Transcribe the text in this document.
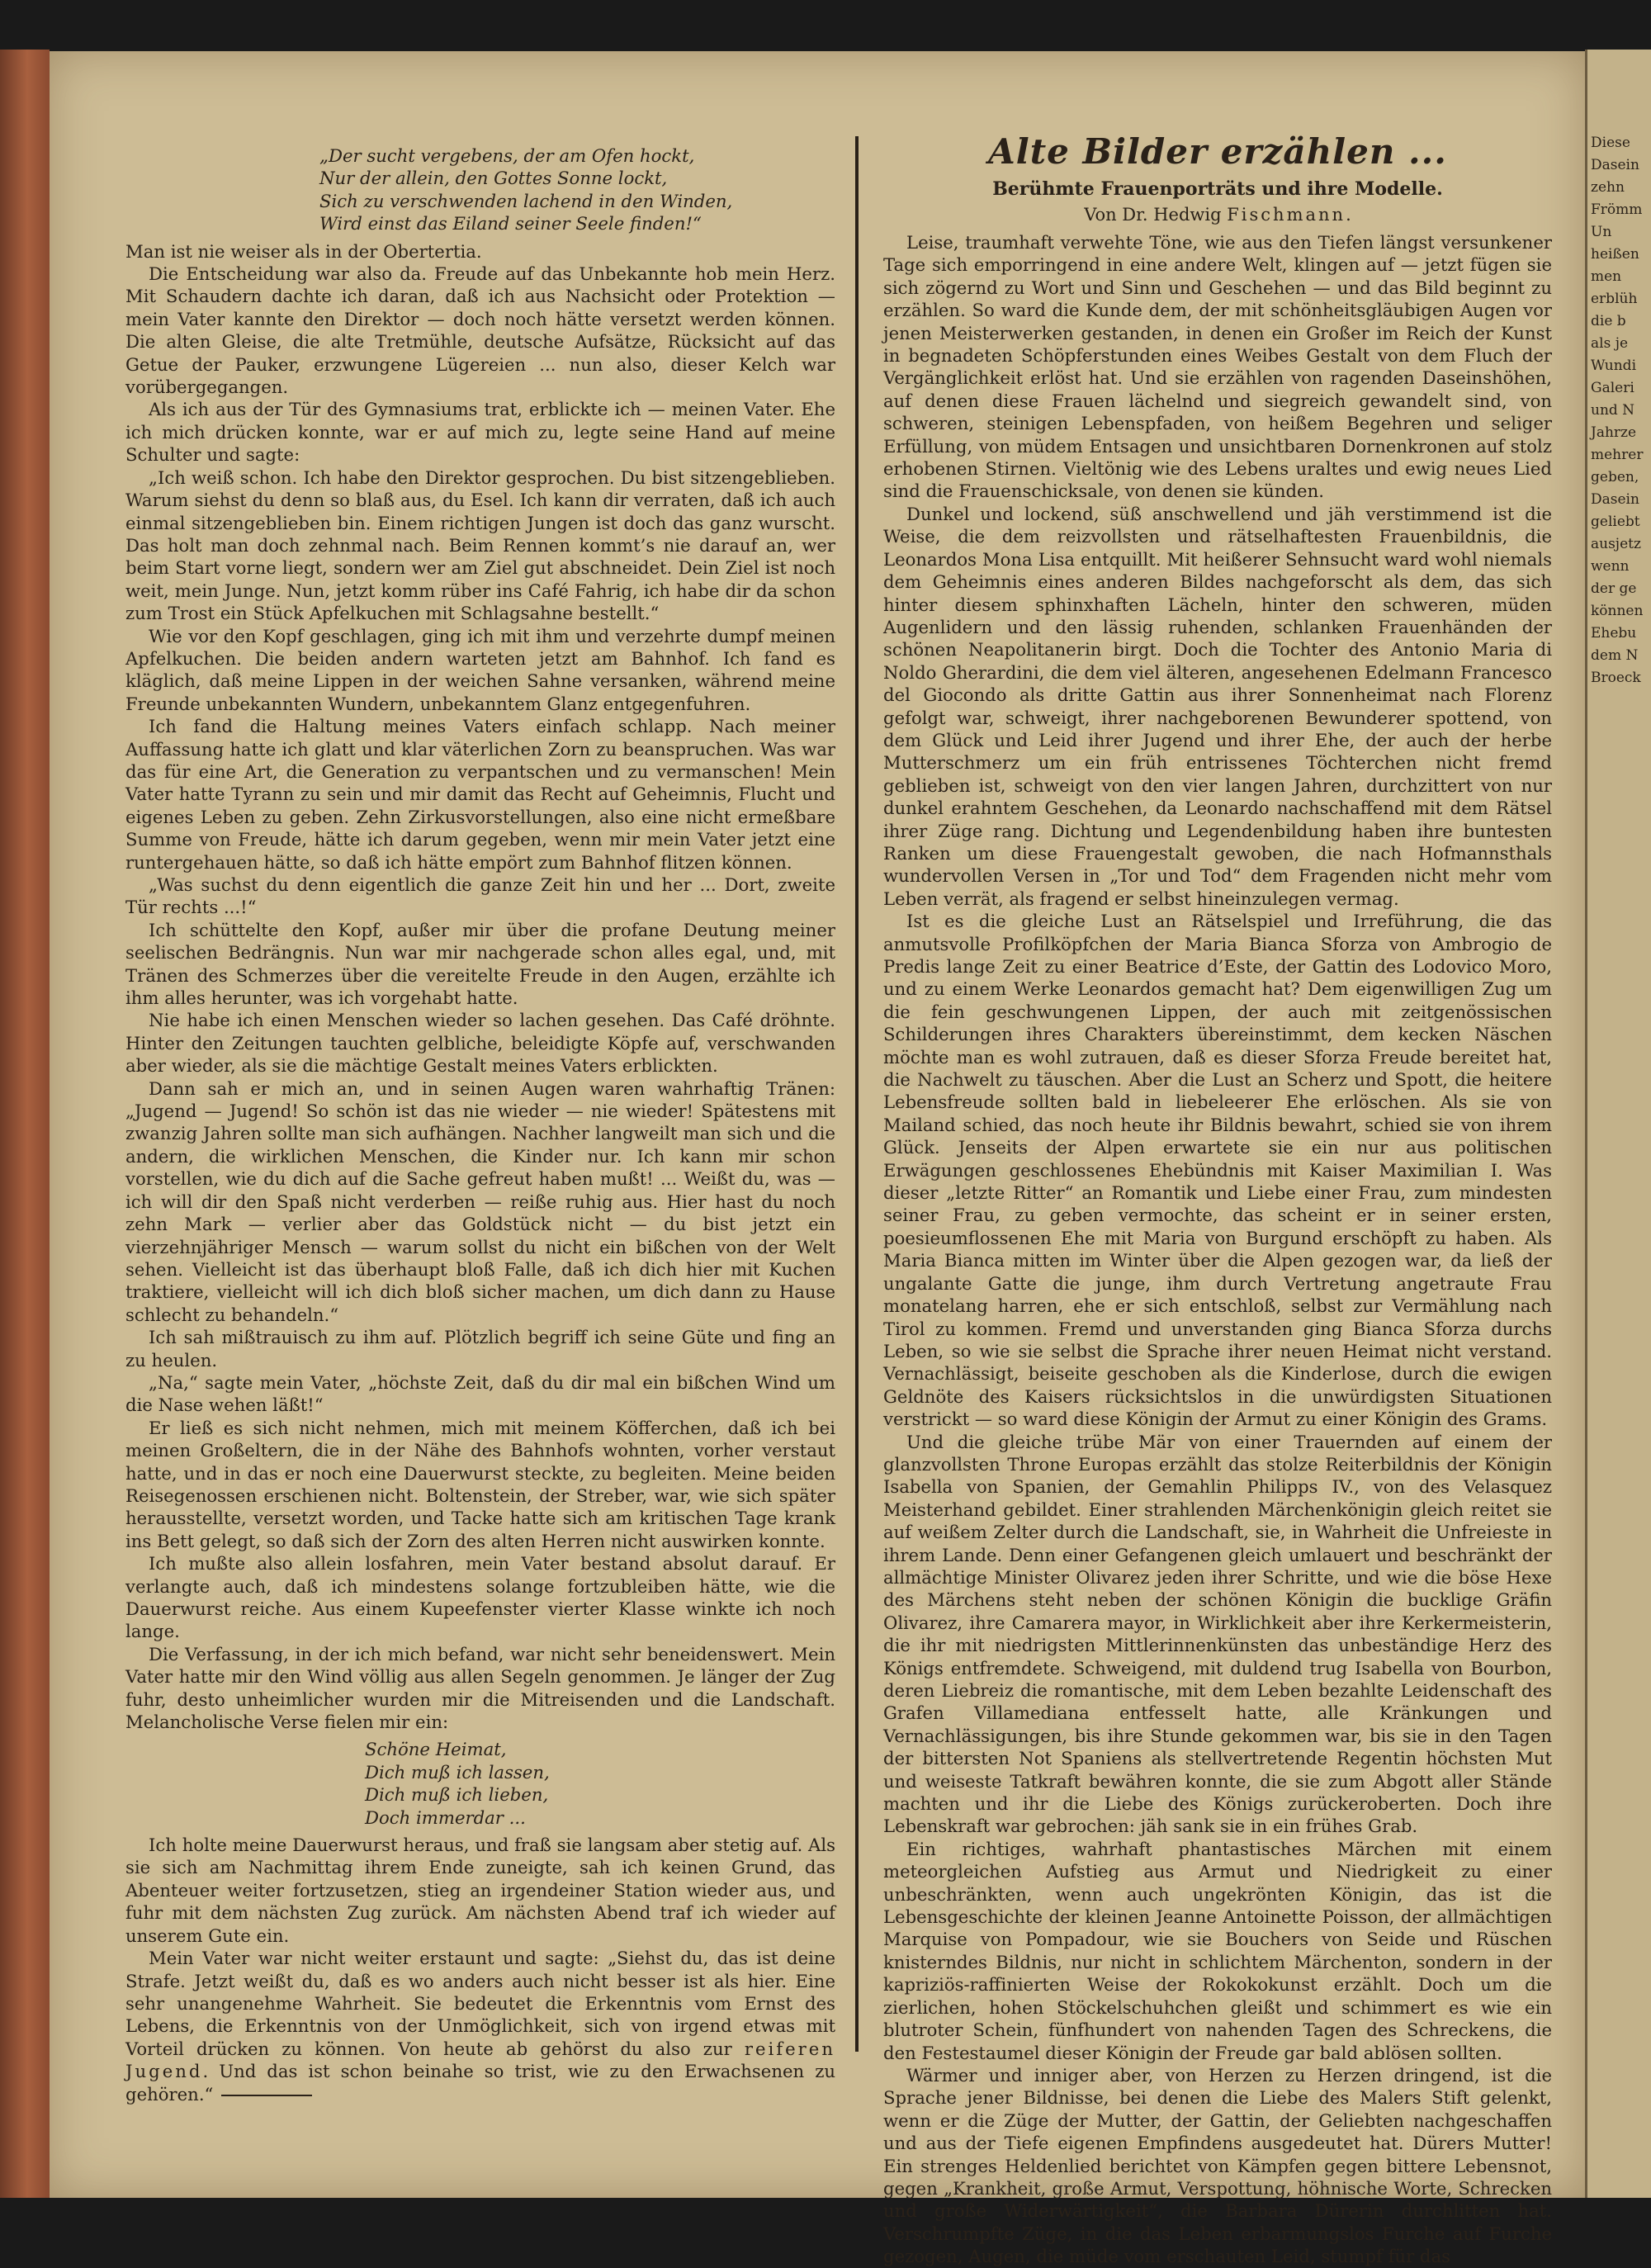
„Der sucht vergebens, der am Ofen hockt,
Nur der allein, den Gottes Sonne lockt,
Sich zu verschwenden lachend in den Winden,
Wird einst das Eiland seiner Seele finden!“

Man ist nie weiser als in der Obertertia.

Die Entscheidung war also da. Freude auf das Unbekannte hob mein Herz. Mit Schaudern dachte ich daran, daß ich aus Nachsicht oder Protektion — mein Vater kannte den Direktor — doch noch hätte versetzt werden können. Die alten Gleise, die alte Tretmühle, deutsche Aufsätze, Rücksicht auf das Getue der Pauker, erzwungene Lügereien ... nun also, dieser Kelch war vorübergegangen.

Als ich aus der Tür des Gymnasiums trat, erblickte ich — meinen Vater. Ehe ich mich drücken konnte, war er auf mich zu, legte seine Hand auf meine Schulter und sagte:

„Ich weiß schon. Ich habe den Direktor gesprochen. Du bist sitzengeblieben. Warum siehst du denn so blaß aus, du Esel. Ich kann dir verraten, daß ich auch einmal sitzengeblieben bin. Einem richtigen Jungen ist doch das ganz wurscht. Das holt man doch zehnmal nach. Beim Rennen kommt’s nie darauf an, wer beim Start vorne liegt, sondern wer am Ziel gut abschneidet. Dein Ziel ist noch weit, mein Junge. Nun, jetzt komm rüber ins Café Fahrig, ich habe dir da schon zum Trost ein Stück Apfelkuchen mit Schlagsahne bestellt.“

Wie vor den Kopf geschlagen, ging ich mit ihm und verzehrte dumpf meinen Apfelkuchen. Die beiden andern warteten jetzt am Bahnhof. Ich fand es kläglich, daß meine Lippen in der weichen Sahne versanken, während meine Freunde unbekannten Wundern, unbekanntem Glanz entgegenfuhren.

Ich fand die Haltung meines Vaters einfach schlapp. Nach meiner Auffassung hatte ich glatt und klar väterlichen Zorn zu beanspruchen. Was war das für eine Art, die Generation zu verpantschen und zu vermanschen! Mein Vater hatte Tyrann zu sein und mir damit das Recht auf Geheimnis, Flucht und eigenes Leben zu geben. Zehn Zirkusvorstellungen, also eine nicht ermeßbare Summe von Freude, hätte ich darum gegeben, wenn mir mein Vater jetzt eine runtergehauen hätte, so daß ich hätte empört zum Bahnhof flitzen können.

„Was suchst du denn eigentlich die ganze Zeit hin und her ... Dort, zweite Tür rechts ...!“

Ich schüttelte den Kopf, außer mir über die profane Deutung meiner seelischen Bedrängnis. Nun war mir nachgerade schon alles egal, und, mit Tränen des Schmerzes über die vereitelte Freude in den Augen, erzählte ich ihm alles herunter, was ich vorgehabt hatte.

Nie habe ich einen Menschen wieder so lachen gesehen. Das Café dröhnte. Hinter den Zeitungen tauchten gelbliche, beleidigte Köpfe auf, verschwanden aber wieder, als sie die mächtige Gestalt meines Vaters erblickten.

Dann sah er mich an, und in seinen Augen waren wahrhaftig Tränen: „Jugend — Jugend! So schön ist das nie wieder — nie wieder! Spätestens mit zwanzig Jahren sollte man sich aufhängen. Nachher langweilt man sich und die andern, die wirklichen Menschen, die Kinder nur. Ich kann mir schon vorstellen, wie du dich auf die Sache gefreut haben mußt! ... Weißt du, was — ich will dir den Spaß nicht verderben — reiße ruhig aus. Hier hast du noch zehn Mark — verlier aber das Goldstück nicht — du bist jetzt ein vierzehnjähriger Mensch — warum sollst du nicht ein bißchen von der Welt sehen. Vielleicht ist das überhaupt bloß Falle, daß ich dich hier mit Kuchen traktiere, vielleicht will ich dich bloß sicher machen, um dich dann zu Hause schlecht zu behandeln.“

Ich sah mißtrauisch zu ihm auf. Plötzlich begriff ich seine Güte und fing an zu heulen.

„Na,“ sagte mein Vater, „höchste Zeit, daß du dir mal ein bißchen Wind um die Nase wehen läßt!“

Er ließ es sich nicht nehmen, mich mit meinem Köfferchen, daß ich bei meinen Großeltern, die in der Nähe des Bahnhofs wohnten, vorher verstaut hatte, und in das er noch eine Dauerwurst steckte, zu begleiten. Meine beiden Reisegenossen erschienen nicht. Boltenstein, der Streber, war, wie sich später herausstellte, versetzt worden, und Tacke hatte sich am kritischen Tage krank ins Bett gelegt, so daß sich der Zorn des alten Herren nicht auswirken konnte.

Ich mußte also allein losfahren, mein Vater bestand absolut darauf. Er verlangte auch, daß ich mindestens solange fortzubleiben hätte, wie die Dauerwurst reiche. Aus einem Kupeefenster vierter Klasse winkte ich noch lange.

Die Verfassung, in der ich mich befand, war nicht sehr beneidenswert. Mein Vater hatte mir den Wind völlig aus allen Segeln genommen. Je länger der Zug fuhr, desto unheimlicher wurden mir die Mitreisenden und die Landschaft. Melancholische Verse fielen mir ein:

Schöne Heimat,
Dich muß ich lassen,
Dich muß ich lieben,
Doch immerdar ...

Ich holte meine Dauerwurst heraus, und fraß sie langsam aber stetig auf. Als sie sich am Nachmittag ihrem Ende zuneigte, sah ich keinen Grund, das Abenteuer weiter fortzusetzen, stieg an irgendeiner Station wieder aus, und fuhr mit dem nächsten Zug zurück. Am nächsten Abend traf ich wieder auf unserem Gute ein.

Mein Vater war nicht weiter erstaunt und sagte: „Siehst du, das ist deine Strafe. Jetzt weißt du, daß es wo anders auch nicht besser ist als hier. Eine sehr unangenehme Wahrheit. Sie bedeutet die Erkenntnis vom Ernst des Lebens, die Erkenntnis von der Unmöglichkeit, sich von irgend etwas mit Vorteil drücken zu können. Von heute ab gehörst du also zur reiferen Jugend. Und das ist schon beinahe so trist, wie zu den Erwachsenen zu gehören.“

Alte Bilder erzählen ...
Berühmte Frauenporträts und ihre Modelle.
Von Dr. Hedwig Fischmann.

Leise, traumhaft verwehte Töne, wie aus den Tiefen längst versunkener Tage sich emporringend in eine andere Welt, klingen auf — jetzt fügen sie sich zögernd zu Wort und Sinn und Geschehen — und das Bild beginnt zu erzählen. So ward die Kunde dem, der mit schönheitsgläubigen Augen vor jenen Meisterwerken gestanden, in denen ein Großer im Reich der Kunst in begnadeten Schöpferstunden eines Weibes Gestalt von dem Fluch der Vergänglichkeit erlöst hat. Und sie erzählen von ragenden Daseinshöhen, auf denen diese Frauen lächelnd und siegreich gewandelt sind, von schweren, steinigen Lebenspfaden, von heißem Begehren und seliger Erfüllung, von müdem Entsagen und unsichtbaren Dornenkronen auf stolz erhobenen Stirnen. Vieltönig wie des Lebens uraltes und ewig neues Lied sind die Frauenschicksale, von denen sie künden.

Dunkel und lockend, süß anschwellend und jäh verstimmend ist die Weise, die dem reizvollsten und rätselhaftesten Frauenbildnis, die Leonardos Mona Lisa entquillt. Mit heißerer Sehnsucht ward wohl niemals dem Geheimnis eines anderen Bildes nachgeforscht als dem, das sich hinter diesem sphinxhaften Lächeln, hinter den schweren, müden Augenlidern und den lässig ruhenden, schlanken Frauenhänden der schönen Neapolitanerin birgt. Doch die Tochter des Antonio Maria di Noldo Gherardini, die dem viel älteren, angesehenen Edelmann Francesco del Giocondo als dritte Gattin aus ihrer Sonnenheimat nach Florenz gefolgt war, schweigt, ihrer nachgeborenen Bewunderer spottend, von dem Glück und Leid ihrer Jugend und ihrer Ehe, der auch der herbe Mutterschmerz um ein früh entrissenes Töchterchen nicht fremd geblieben ist, schweigt von den vier langen Jahren, durchzittert von nur dunkel erahntem Geschehen, da Leonardo nachschaffend mit dem Rätsel ihrer Züge rang. Dichtung und Legendenbildung haben ihre buntesten Ranken um diese Frauengestalt gewoben, die nach Hofmannsthals wundervollen Versen in „Tor und Tod“ dem Fragenden nicht mehr vom Leben verrät, als fragend er selbst hineinzulegen vermag.

Ist es die gleiche Lust an Rätselspiel und Irreführung, die das anmutsvolle Profilköpfchen der Maria Bianca Sforza von Ambrogio de Predis lange Zeit zu einer Beatrice d’Este, der Gattin des Lodovico Moro, und zu einem Werke Leonardos gemacht hat? Dem eigenwilligen Zug um die fein geschwungenen Lippen, der auch mit zeitgenössischen Schilderungen ihres Charakters übereinstimmt, dem kecken Näschen möchte man es wohl zutrauen, daß es dieser Sforza Freude bereitet hat, die Nachwelt zu täuschen. Aber die Lust an Scherz und Spott, die heitere Lebensfreude sollten bald in liebeleerer Ehe erlöschen. Als sie von Mailand schied, das noch heute ihr Bildnis bewahrt, schied sie von ihrem Glück. Jenseits der Alpen erwartete sie ein nur aus politischen Erwägungen geschlossenes Ehebündnis mit Kaiser Maximilian I. Was dieser „letzte Ritter“ an Romantik und Liebe einer Frau, zum mindesten seiner Frau, zu geben vermochte, das scheint er in seiner ersten, poesieumflossenen Ehe mit Maria von Burgund erschöpft zu haben. Als Maria Bianca mitten im Winter über die Alpen gezogen war, da ließ der ungalante Gatte die junge, ihm durch Vertretung angetraute Frau monatelang harren, ehe er sich entschloß, selbst zur Vermählung nach Tirol zu kommen. Fremd und unverstanden ging Bianca Sforza durchs Leben, so wie sie selbst die Sprache ihrer neuen Heimat nicht verstand. Vernachlässigt, beiseite geschoben als die Kinderlose, durch die ewigen Geldnöte des Kaisers rücksichtslos in die unwürdigsten Situationen verstrickt — so ward diese Königin der Armut zu einer Königin des Grams.

Und die gleiche trübe Mär von einer Trauernden auf einem der glanzvollsten Throne Europas erzählt das stolze Reiterbildnis der Königin Isabella von Spanien, der Gemahlin Philipps IV., von des Velasquez Meisterhand gebildet. Einer strahlenden Märchenkönigin gleich reitet sie auf weißem Zelter durch die Landschaft, sie, in Wahrheit die Unfreieste in ihrem Lande. Denn einer Gefangenen gleich umlauert und beschränkt der allmächtige Minister Olivarez jeden ihrer Schritte, und wie die böse Hexe des Märchens steht neben der schönen Königin die bucklige Gräfin Olivarez, ihre Camarera mayor, in Wirklichkeit aber ihre Kerkermeisterin, die ihr mit niedrigsten Mittlerinnenkünsten das unbeständige Herz des Königs entfremdete. Schweigend, mit duldend trug Isabella von Bourbon, deren Liebreiz die romantische, mit dem Leben bezahlte Leidenschaft des Grafen Villamediana entfesselt hatte, alle Kränkungen und Vernachlässigungen, bis ihre Stunde gekommen war, bis sie in den Tagen der bittersten Not Spaniens als stellvertretende Regentin höchsten Mut und weiseste Tatkraft bewähren konnte, die sie zum Abgott aller Stände machten und ihr die Liebe des Königs zurückeroberten. Doch ihre Lebenskraft war gebrochen: jäh sank sie in ein frühes Grab.

Ein richtiges, wahrhaft phantastisches Märchen mit einem meteorgleichen Aufstieg aus Armut und Niedrigkeit zu einer unbeschränkten, wenn auch ungekrönten Königin, das ist die Lebensgeschichte der kleinen Jeanne Antoinette Poisson, der allmächtigen Marquise von Pompadour, wie sie Bouchers von Seide und Rüschen knisterndes Bildnis, nur nicht in schlichtem Märchenton, sondern in der kapriziös-raffinierten Weise der Rokokokunst erzählt. Doch um die zierlichen, hohen Stöckelschuhchen gleißt und schimmert es wie ein blutroter Schein, fünfhundert von nahenden Tagen des Schreckens, die den Festestaumel dieser Königin der Freude gar bald ablösen sollten.

Wärmer und inniger aber, von Herzen zu Herzen dringend, ist die Sprache jener Bildnisse, bei denen die Liebe des Malers Stift gelenkt, wenn er die Züge der Mutter, der Gattin, der Geliebten nachgeschaffen und aus der Tiefe eigenen Empfindens ausgedeutet hat. Dürers Mutter! Ein strenges Heldenlied berichtet von Kämpfen gegen bittere Lebensnot, gegen „Krankheit, große Armut, Verspottung, höhnische Worte, Schrecken und große Widerwärtigkeit“, die Barbara Dürerin durchlitten hat. Verschrumpfte Züge, in die das Leben erbarmungslos Furche auf Furche gezogen, Augen, die müde vom erschauten Leid, stumpf für das

Diese
Dasein
zehn
Frömm
Un
heißen
men
erblüh
die b
als je
Wundi
Galeri
und N
Jahrze
mehrer
geben,
Dasein
geliebt
ausjetz
wenn
der ge
können
Ehebu
dem N
Broeck
